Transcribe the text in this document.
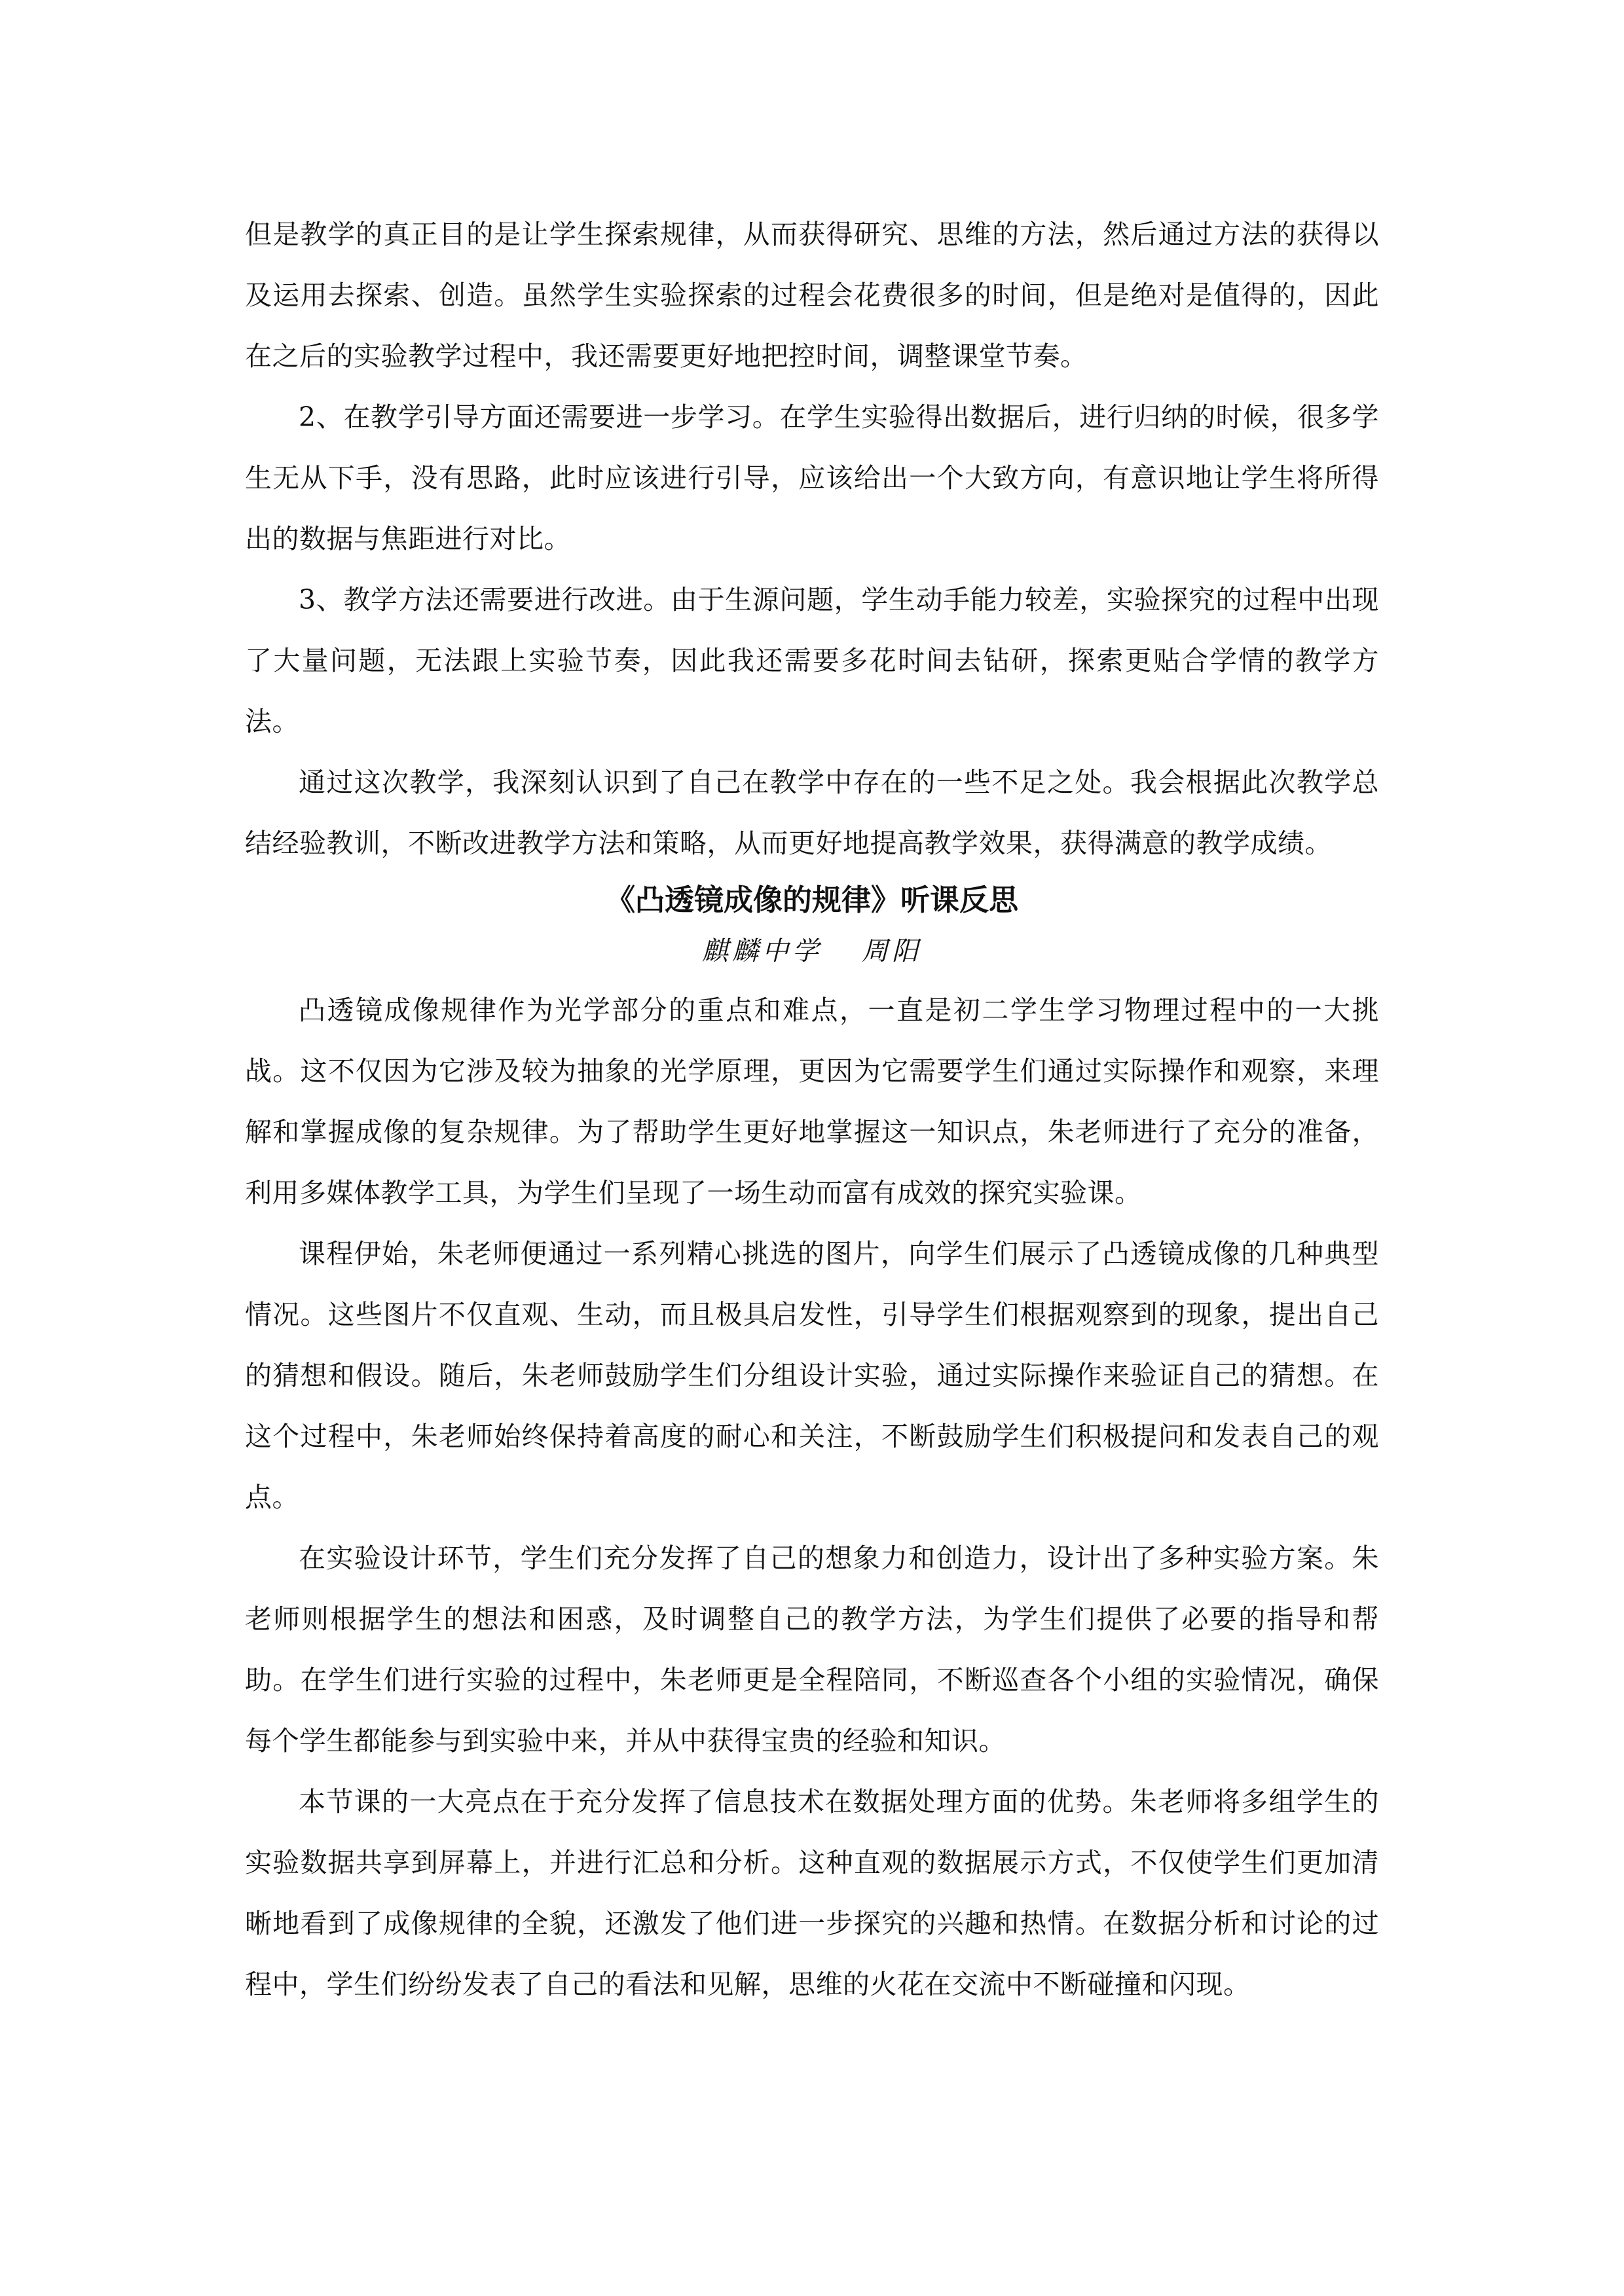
但是教学的真正目的是让学生探索规律，从而获得研究、思维的方法，然后通过方法的获得以及运用去探索、创造。虽然学生实验探索的过程会花费很多的时间，但是绝对是值得的，因此在之后的实验教学过程中，我还需要更好地把控时间，调整课堂节奏。

2、在教学引导方面还需要进一步学习。在学生实验得出数据后，进行归纳的时候，很多学生无从下手，没有思路，此时应该进行引导，应该给出一个大致方向，有意识地让学生将所得出的数据与焦距进行对比。

3、教学方法还需要进行改进。由于生源问题，学生动手能力较差，实验探究的过程中出现了大量问题，无法跟上实验节奏，因此我还需要多花时间去钻研，探索更贴合学情的教学方法。

通过这次教学，我深刻认识到了自己在教学中存在的一些不足之处。我会根据此次教学总结经验教训，不断改进教学方法和策略，从而更好地提高教学效果，获得满意的教学成绩。

《凸透镜成像的规律》听课反思

麒麟中学 周阳

凸透镜成像规律作为光学部分的重点和难点，一直是初二学生学习物理过程中的一大挑战。这不仅因为它涉及较为抽象的光学原理，更因为它需要学生们通过实际操作和观察，来理解和掌握成像的复杂规律。为了帮助学生更好地掌握这一知识点，朱老师进行了充分的准备，利用多媒体教学工具，为学生们呈现了一场生动而富有成效的探究实验课。

课程伊始，朱老师便通过一系列精心挑选的图片，向学生们展示了凸透镜成像的几种典型情况。这些图片不仅直观、生动，而且极具启发性，引导学生们根据观察到的现象，提出自己的猜想和假设。随后，朱老师鼓励学生们分组设计实验，通过实际操作来验证自己的猜想。在这个过程中，朱老师始终保持着高度的耐心和关注，不断鼓励学生们积极提问和发表自己的观点。

在实验设计环节，学生们充分发挥了自己的想象力和创造力，设计出了多种实验方案。朱老师则根据学生的想法和困惑，及时调整自己的教学方法，为学生们提供了必要的指导和帮助。在学生们进行实验的过程中，朱老师更是全程陪同，不断巡查各个小组的实验情况，确保每个学生都能参与到实验中来，并从中获得宝贵的经验和知识。

本节课的一大亮点在于充分发挥了信息技术在数据处理方面的优势。朱老师将多组学生的实验数据共享到屏幕上，并进行汇总和分析。这种直观的数据展示方式，不仅使学生们更加清晰地看到了成像规律的全貌，还激发了他们进一步探究的兴趣和热情。在数据分析和讨论的过程中，学生们纷纷发表了自己的看法和见解，思维的火花在交流中不断碰撞和闪现。
